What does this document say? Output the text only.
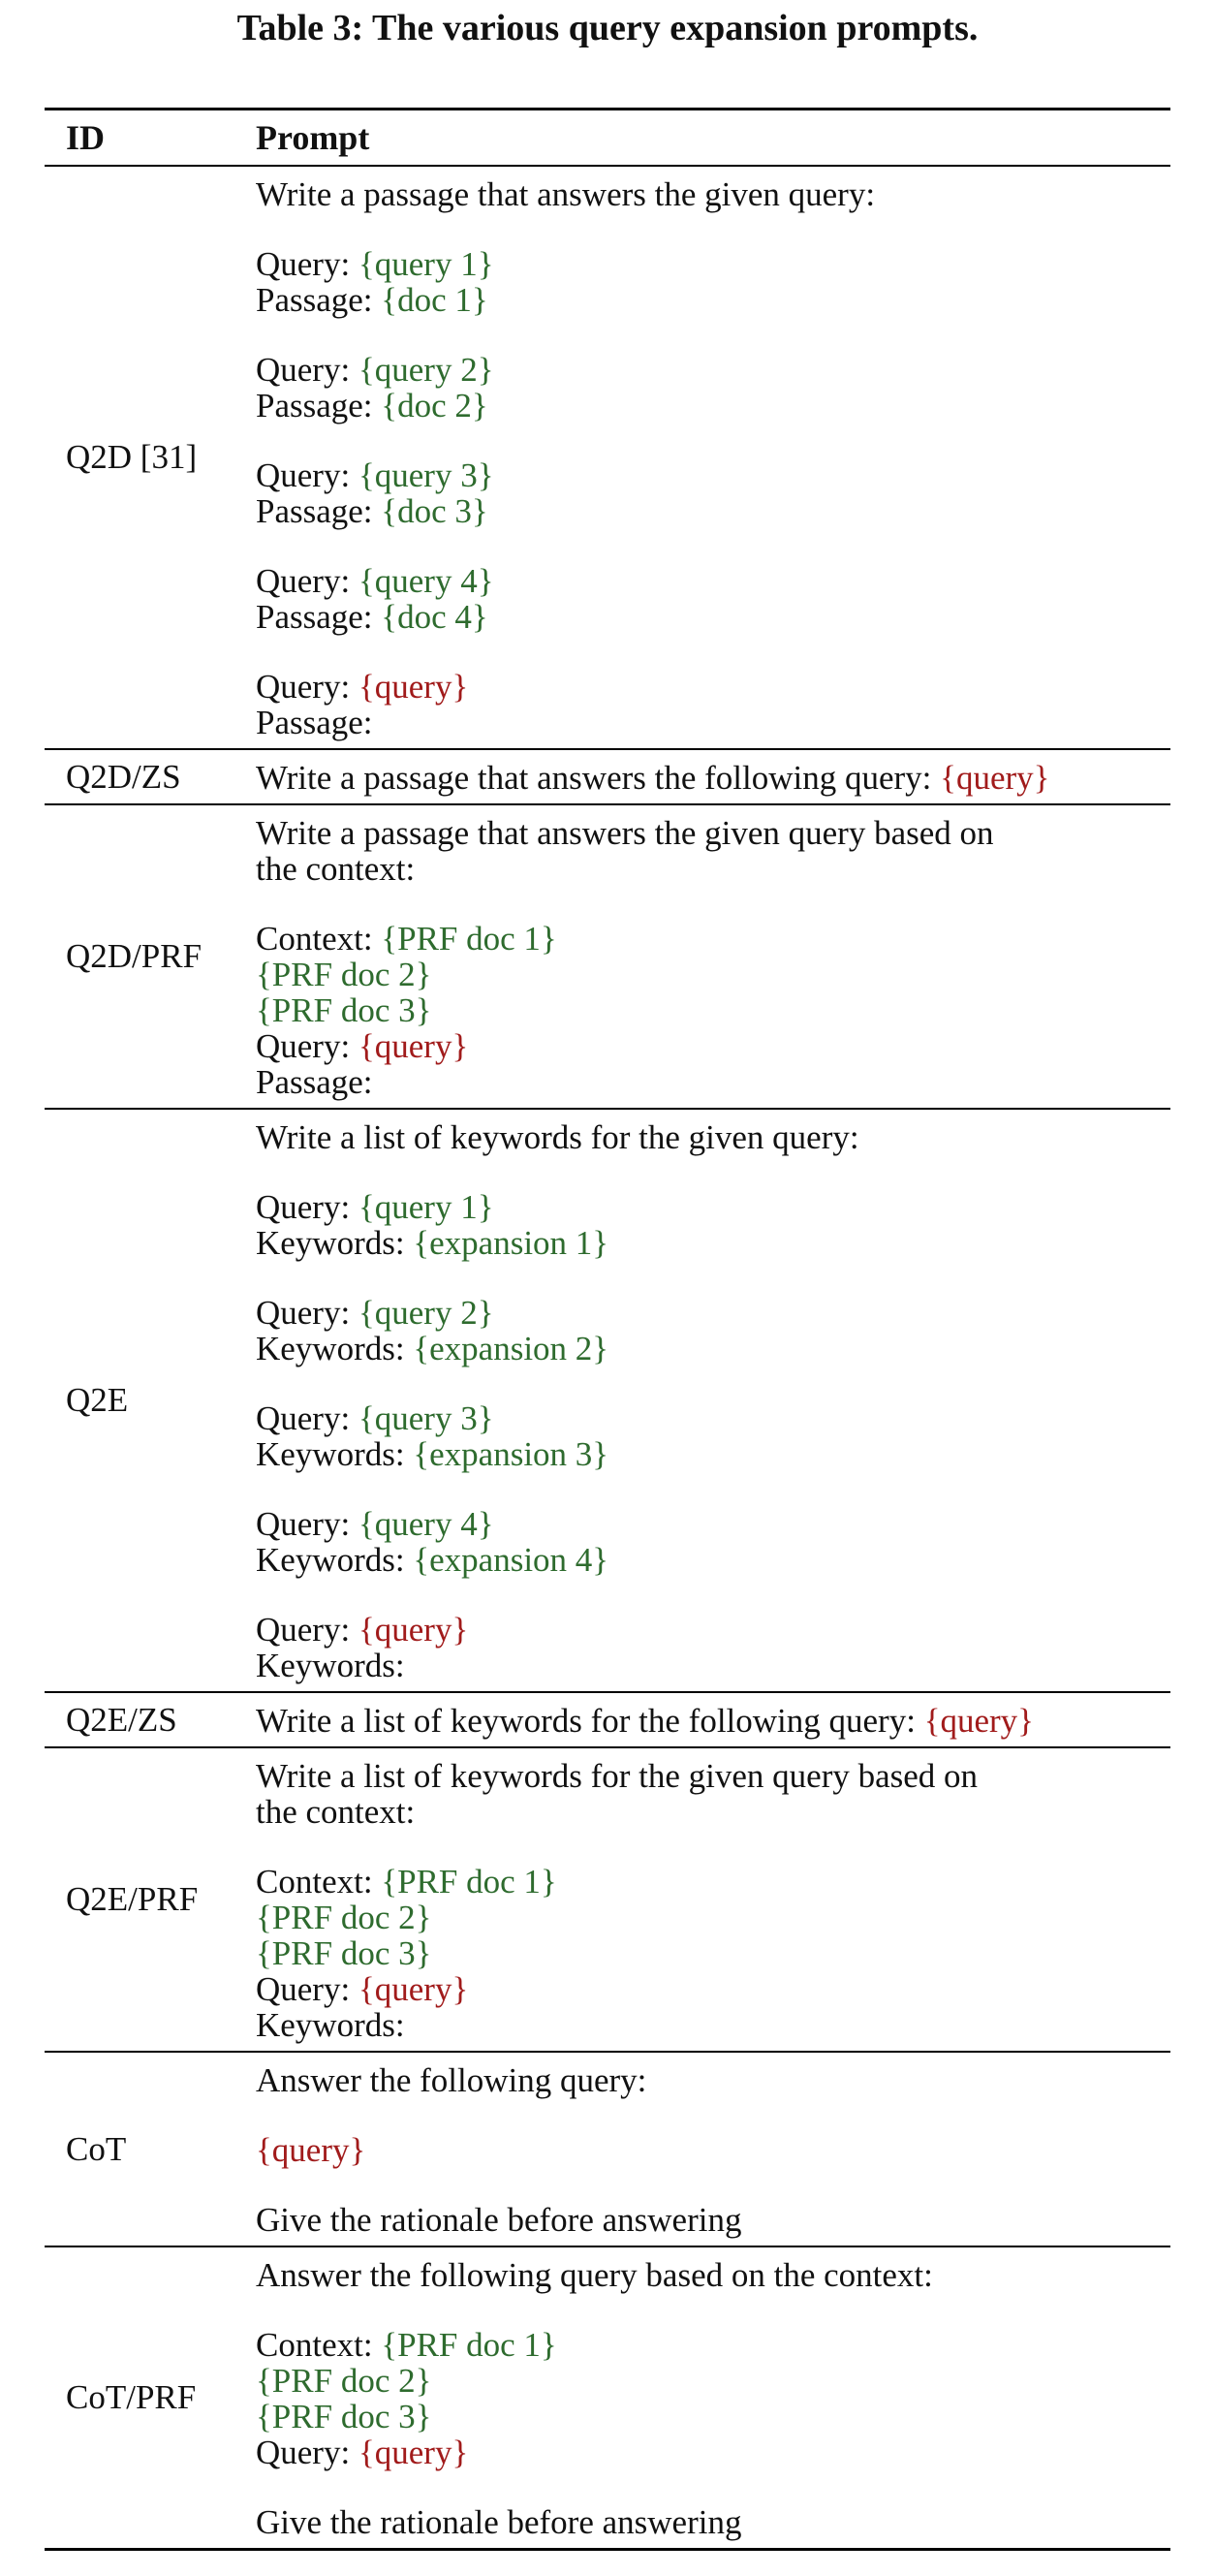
Table 3: The various query expansion prompts.
ID	Prompt
Q2D [31]
Write a passage that answers the given query:
Query: {query 1}
Passage: {doc 1}
Query: {query 2}
Passage: {doc 2}
Query: {query 3}
Passage: {doc 3}
Query: {query 4}
Passage: {doc 4}
Query: {query}
Passage:
Q2D/ZS Write a passage that answers the following query: {query}
Q2D/PRF
Write a passage that answers the given query based on
the context:
Context: {PRF doc 1}
{PRF doc 2}
{PRF doc 3}
Query: {query}
Passage:
Q2E
Write a list of keywords for the given query:
Query: {query 1}
Keywords: {expansion 1}
Query: {query 2}
Keywords: {expansion 2}
Query: {query 3}
Keywords: {expansion 3}
Query: {query 4}
Keywords: {expansion 4}
Query: {query}
Keywords:
Q2E/ZS Write a list of keywords for the following query: {query}
Q2E/PRF
Write a list of keywords for the given query based on
the context:
Context: {PRF doc 1}
{PRF doc 2}
{PRF doc 3}
Query: {query}
Keywords:
CoT
Answer the following query:
{query}
Give the rationale before answering
CoT/PRF
Answer the following query based on the context:
Context: {PRF doc 1}
{PRF doc 2}
{PRF doc 3}
Query: {query}
Give the rationale before answering
